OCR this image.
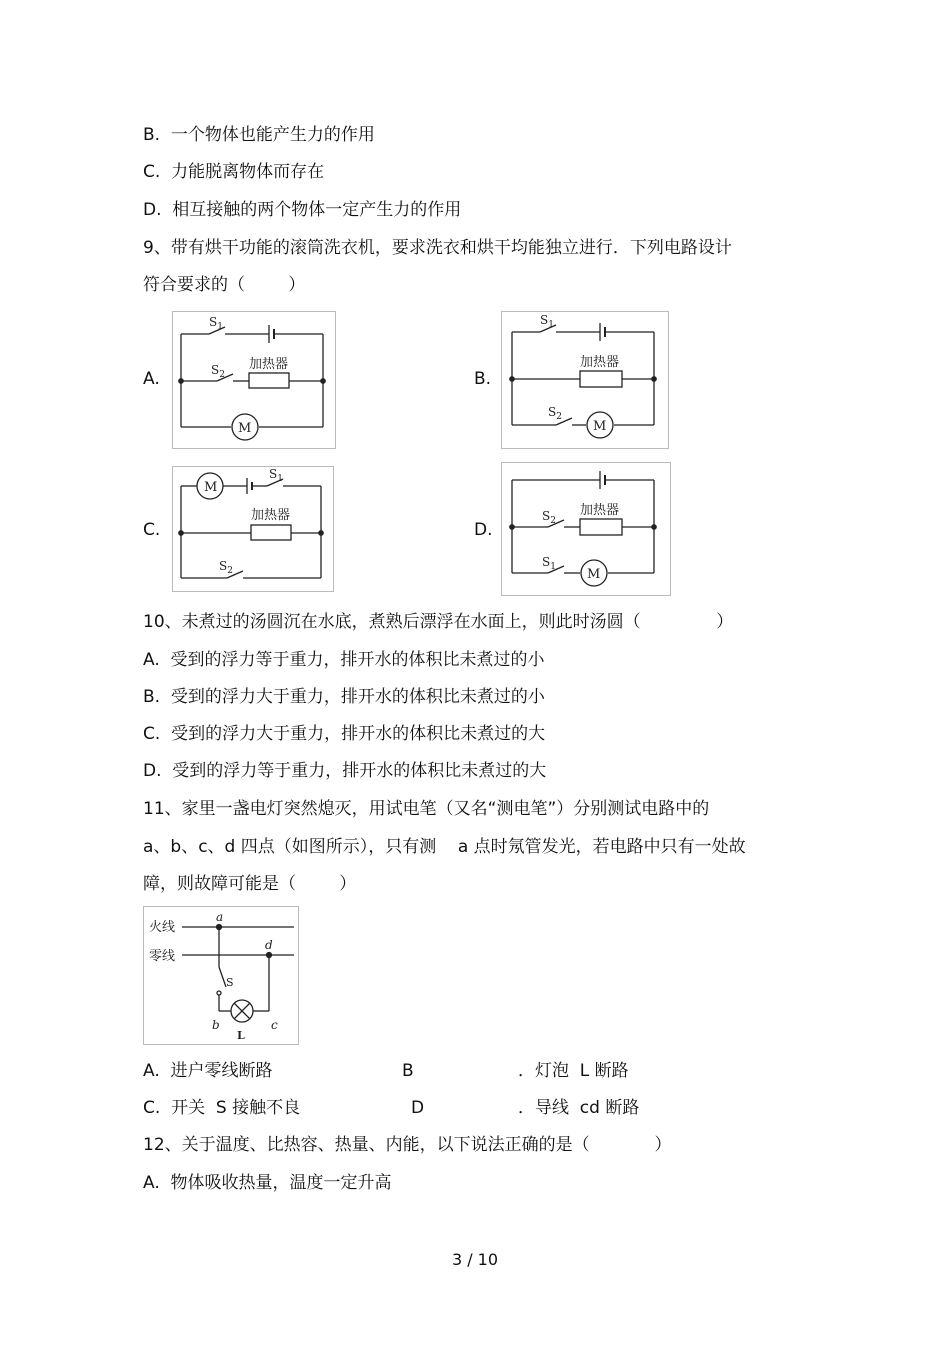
B.  一个物体也能产生力的作用
C.  力能脱离物体而存在
D.  相互接触的两个物体一定产生力的作用
9、带有烘干功能的滚筒洗衣机，要求洗衣和烘干均能独立进行．下列电路设计
符合要求的（        ）
A.	B.
C.	D.
$S_1$
$S_2$
加热器
M
$S_1$
$S_2$
加热器
M
M
$S_1$
加热器
$S_2$
$S_2$
加热器
$S_1$ M
10、未煮过的汤圆沉在水底，煮熟后漂浮在水面上，则此时汤圆（              ）
A.  受到的浮力等于重力，排开水的体积比未煮过的小
B.  受到的浮力大于重力，排开水的体积比未煮过的小
C.  受到的浮力大于重力，排开水的体积比未煮过的大
D.  受到的浮力等于重力，排开水的体积比未煮过的大
11、家里一盏电灯突然熄灭，用试电笔（又名“测电笔”）分别测试电路中的
a、b、c、d 四点（如图所示），只有测    a 点时氖管发光，若电路中只有一处故
障，则故障可能是（        ）
火线
零线
a
d
S
b	c
L
A.  进户零线断路	B	．灯泡  L 断路
C.  开关  S 接触不良	D	．导线  cd 断路
12、关于温度、比热容、热量、内能，以下说法正确的是（            ）
A.  物体吸收热量，温度一定升高
3 / 10
